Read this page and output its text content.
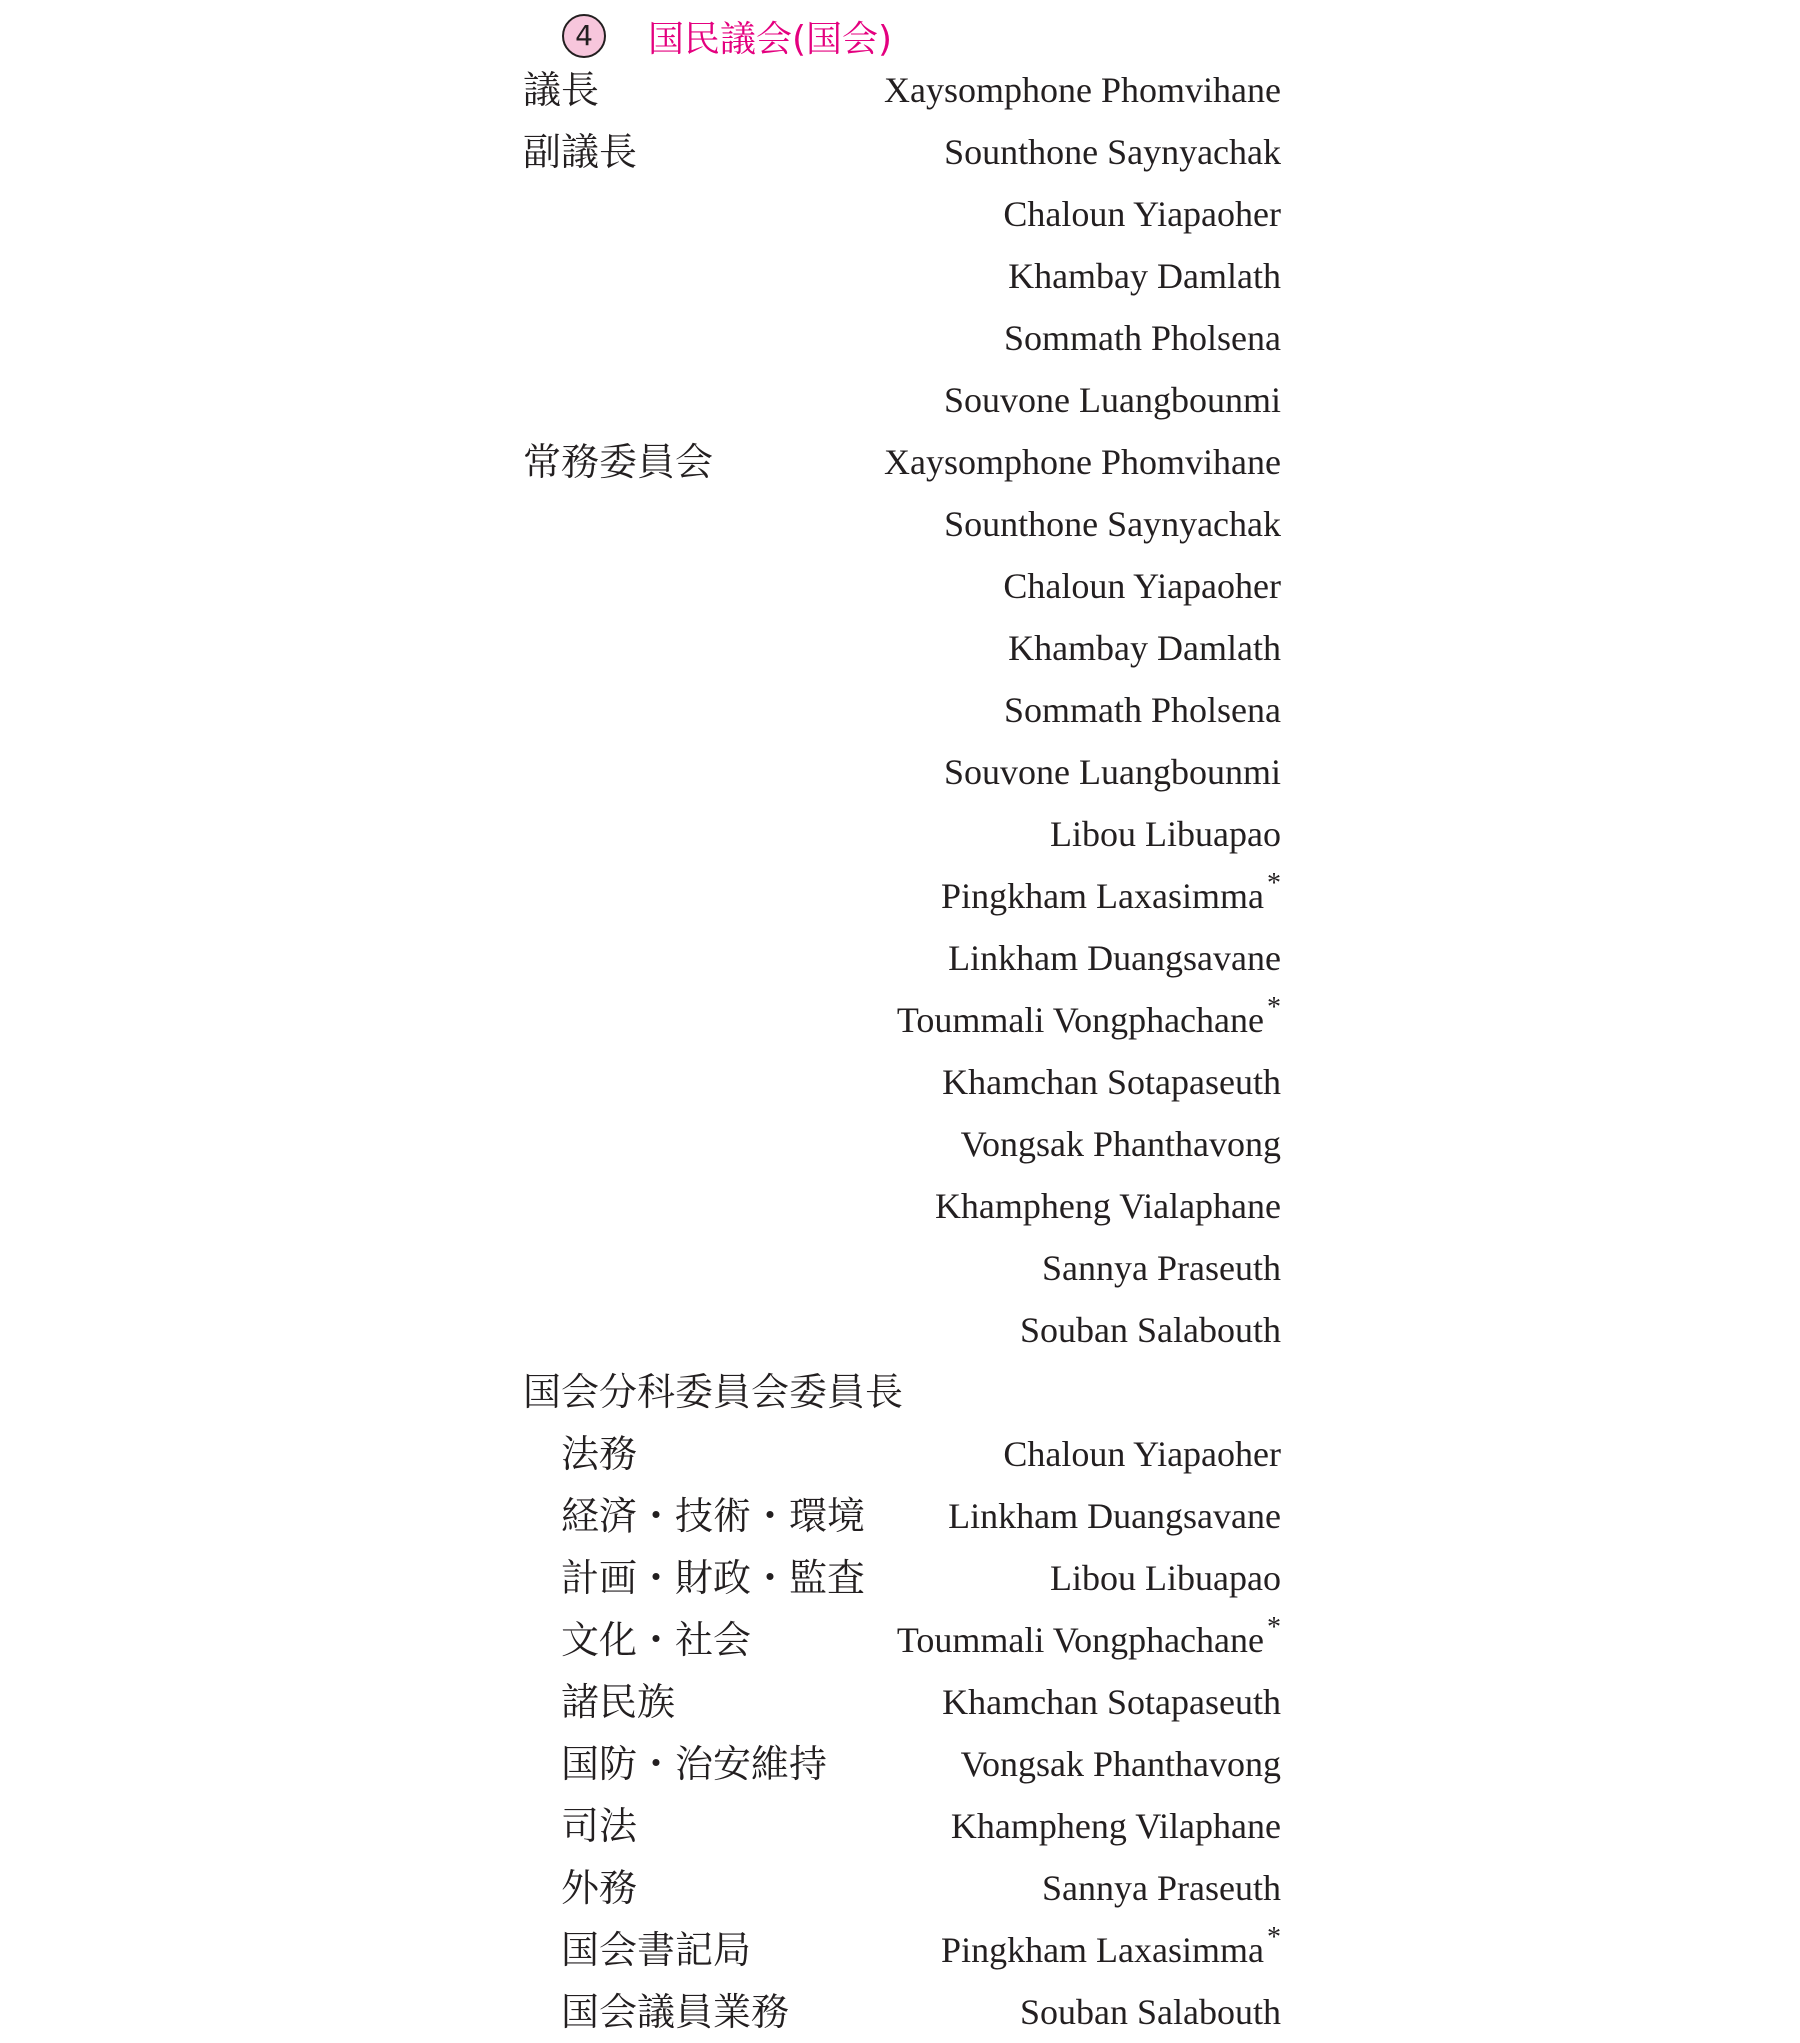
4	国民議会(国会)
議長	Xaysomphone Phomvihane
副議長	Sounthone Saynyachak
Chaloun Yiapaoher
Khambay Damlath
Sommath Pholsena
Souvone Luangbounmi
常務委員会	Xaysomphone Phomvihane
Sounthone Saynyachak
Chaloun Yiapaoher
Khambay Damlath
Sommath Pholsena
Souvone Luangbounmi
Libou Libuapao
Pingkham Laxasimma *
Linkham Duangsavane
Toummali Vongphachane *
Khamchan Sotapaseuth
Vongsak Phanthavong
Khampheng Vialaphane
Sannya Praseuth
Souban Salabouth
国会分科委員会委員長
法務	Chaloun Yiapaoher
経済・技術・環境 Linkham Duangsavane
計画・財政・監査	Libou Libuapao
文化・社会	Toummali Vongphachane *
諸民族	Khamchan Sotapaseuth
国防・治安維持	Vongsak Phanthavong
司法	Khampheng Vilaphane
外務	Sannya Praseuth
国会書記局	Pingkham Laxasimma *
国会議員業務	Souban Salabouth
